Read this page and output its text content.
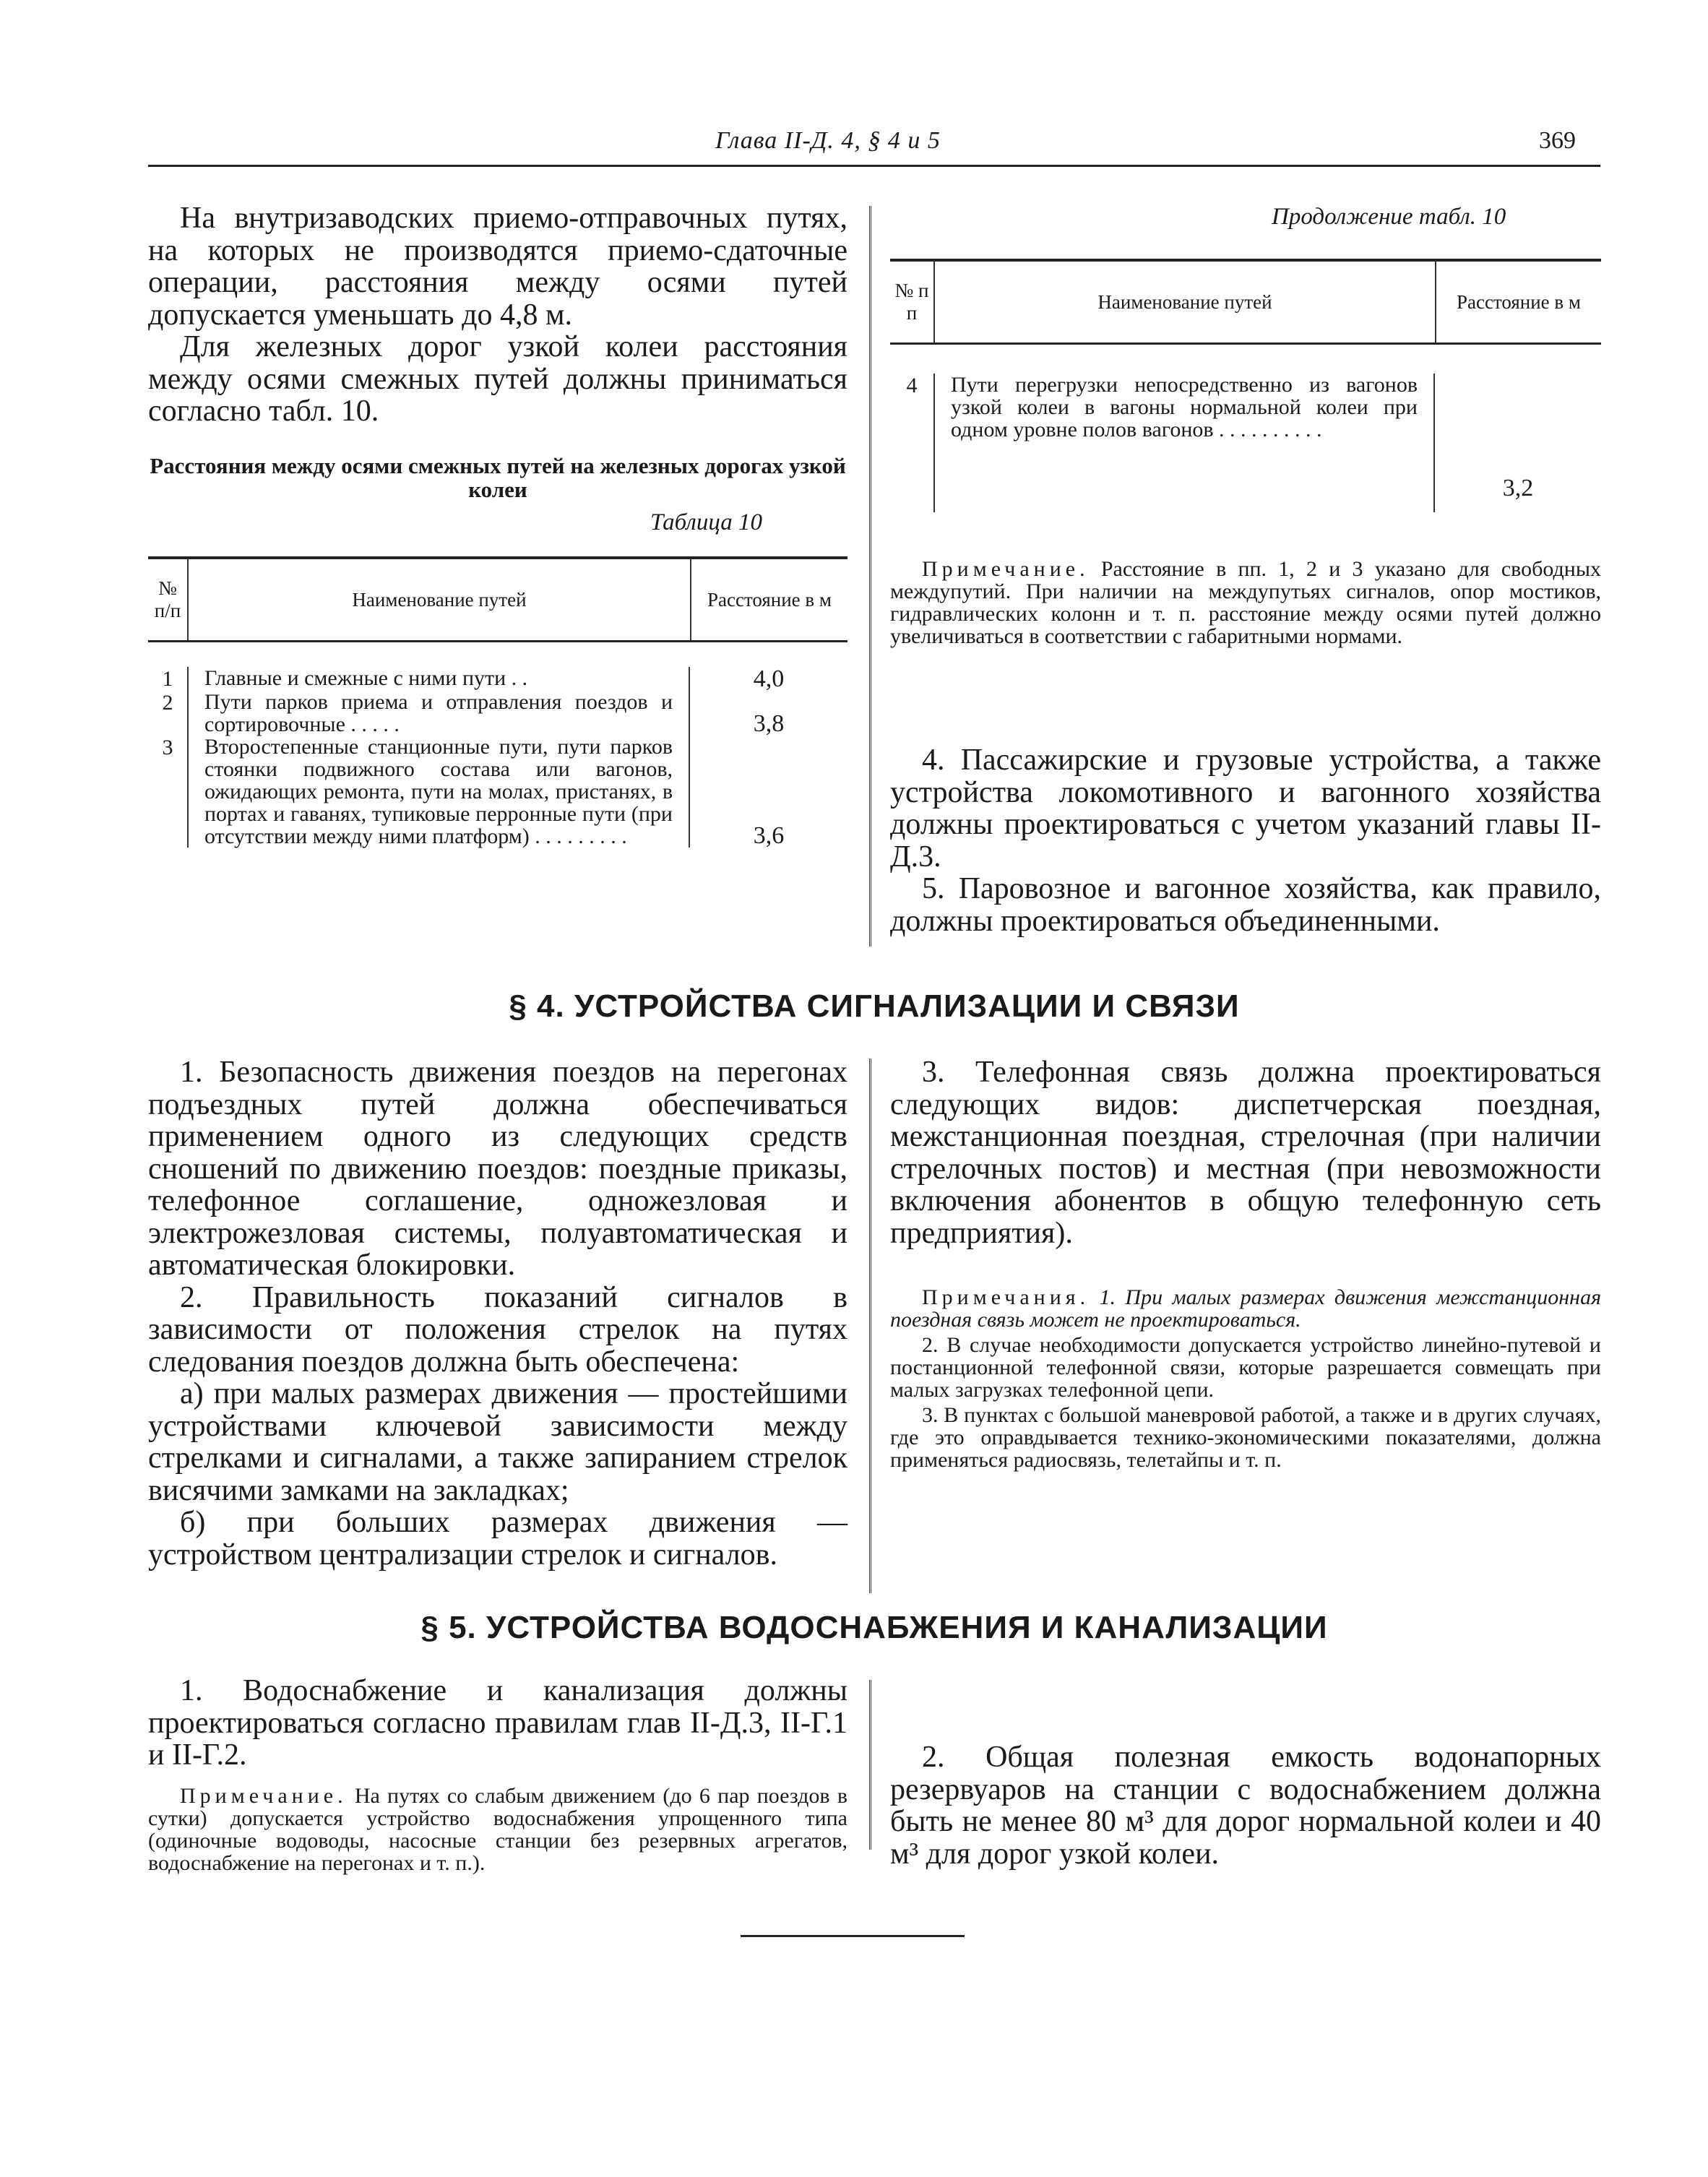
Глава II-Д. 4, § 4 и 5	369

На внутризаводских приемо-отправочных путях, на которых не производятся приемо-сдаточные операции, расстояния между осями путей допускается уменьшать до 4,8 м.

Для железных дорог узкой колеи расстояния между осями смежных путей должны приниматься согласно табл. 10.

Расстояния между осями смежных путей на железных дорогах узкой колеи
Таблица 10
№ п/п	Наименование путей	Расстояние в м
1	Главные и смежные с ними пути . .	4,0
2	Пути парков приема и отправления поездов и сортировочные . . . . .	3,8
3	Второстепенные станционные пути, пути парков стоянки подвижного состава или вагонов, ожидающих ремонта, пути на молах, пристанях, в портах и гаванях, тупиковые перронные пути (при отсутствии между ними платформ) . . . . . . . . .	3,6
Продолжение табл. 10
№ п п	Наименование путей	Расстояние в м
4	Пути перегрузки непосредственно из вагонов узкой колеи в вагоны нормальной колеи при одном уровне полов вагонов . . . . . . . . . .	3,2

Примечание. Расстояние в пп. 1, 2 и 3 указано для свободных междупутий. При наличии на междупутьях сигналов, опор мостиков, гидравлических колонн и т. п. расстояние между осями путей должно увеличиваться в соответствии с габаритными нормами.

4. Пассажирские и грузовые устройства, а также устройства локомотивного и вагонного хозяйства должны проектироваться с учетом указаний главы II-Д.3.

5. Паровозное и вагонное хозяйства, как правило, должны проектироваться объединенными.

§ 4. УСТРОЙСТВА СИГНАЛИЗАЦИИ И СВЯЗИ

1. Безопасность движения поездов на перегонах подъездных путей должна обеспечиваться применением одного из следующих средств сношений по движению поездов: поездные приказы, телефонное соглашение, одножезловая и электрожезловая системы, полуавтоматическая и автоматическая блокировки.

2. Правильность показаний сигналов в зависимости от положения стрелок на путях следования поездов должна быть обеспечена:

а) при малых размерах движения — простейшими устройствами ключевой зависимости между стрелками и сигналами, а также запиранием стрелок висячими замками на закладках;

б) при больших размерах движения — устройством централизации стрелок и сигналов.

3. Телефонная связь должна проектироваться следующих видов: диспетчерская поездная, межстанционная поездная, стрелочная (при наличии стрелочных постов) и местная (при невозможности включения абонентов в общую телефонную сеть предприятия).

Примечания. 1. При малых размерах движения межстанционная поездная связь может не проектироваться.

2. В случае необходимости допускается устройство линейно-путевой и постанционной телефонной связи, которые разрешается совмещать при малых загрузках телефонной цепи.

3. В пунктах с большой маневровой работой, а также и в других случаях, где это оправдывается технико-экономическими показателями, должна применяться радиосвязь, телетайпы и т. п.

§ 5. УСТРОЙСТВА ВОДОСНАБЖЕНИЯ И КАНАЛИЗАЦИИ

1. Водоснабжение и канализация должны проектироваться согласно правилам глав II-Д.3, II-Г.1 и II-Г.2.

Примечание. На путях со слабым движением (до 6 пар поездов в сутки) допускается устройство водоснабжения упрощенного типа (одиночные водоводы, насосные станции без резервных агрегатов, водоснабжение на перегонах и т. п.).

2. Общая полезная емкость водонапорных резервуаров на станции с водоснабжением должна быть не менее 80 м³ для дорог нормальной колеи и 40 м³ для дорог узкой колеи.
